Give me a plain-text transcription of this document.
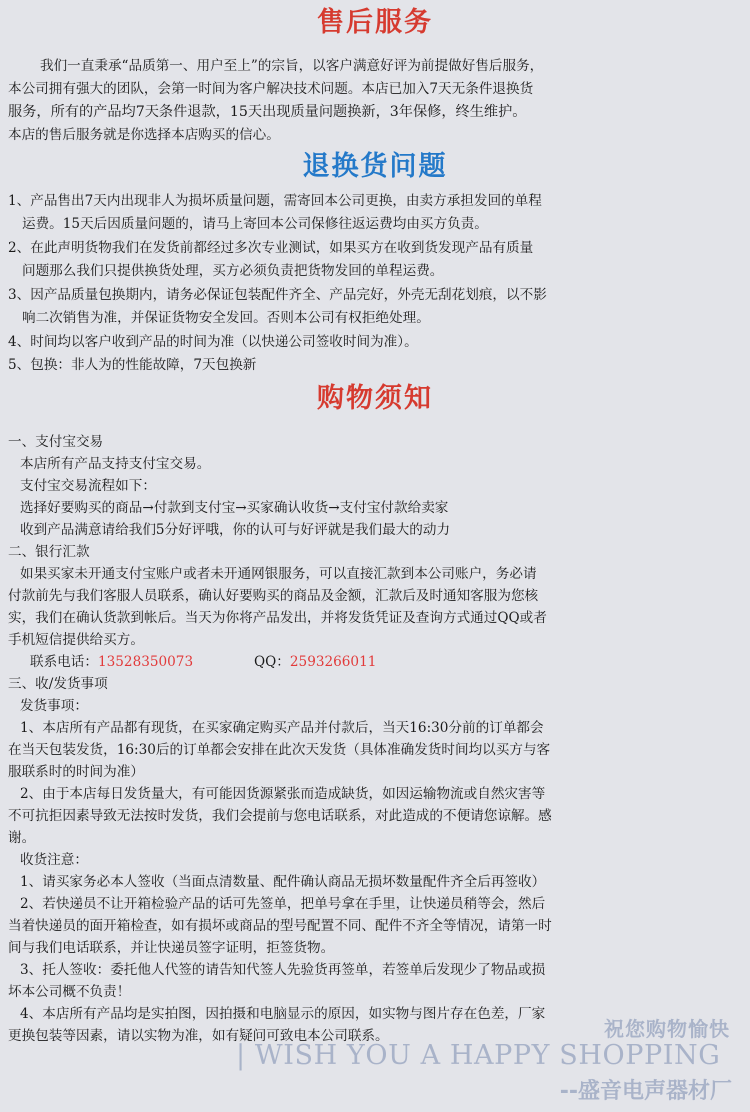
售后服务
我们一直秉承“品质第一、用户至上”的宗旨，以客户满意好评为前提做好售后服务，
本公司拥有强大的团队，会第一时间为客户解决技术问题。本店已加入7天无条件退换货
服务，所有的产品均7天条件退款，15天出现质量问题换新，3年保修，终生维护。
本店的售后服务就是你选择本店购买的信心。
退换货问题
1、产品售出7天内出现非人为损坏质量问题，需寄回本公司更换，由卖方承担发回的单程
运费。15天后因质量问题的，请马上寄回本公司保修往返运费均由买方负责。
2、在此声明货物我们在发货前都经过多次专业测试，如果买方在收到货发现产品有质量
问题那么我们只提供换货处理，买方必须负责把货物发回的单程运费。
3、因产品质量包换期内，请务必保证包装配件齐全、产品完好，外壳无刮花划痕，以不影
响二次销售为准，并保证货物安全发回。否则本公司有权拒绝处理。
4、时间均以客户收到产品的时间为准（以快递公司签收时间为准）。
5、包换：非人为的性能故障，7天包换新
购物须知
一、支付宝交易
本店所有产品支持支付宝交易。
支付宝交易流程如下：
选择好要购买的商品→付款到支付宝→买家确认收货→支付宝付款给卖家
收到产品满意请给我们5分好评哦，你的认可与好评就是我们最大的动力
二、银行汇款
如果买家未开通支付宝账户或者未开通网银服务，可以直接汇款到本公司账户，务必请
付款前先与我们客服人员联系，确认好要购买的商品及金额，汇款后及时通知客服为您核
实，我们在确认货款到帐后。当天为你将产品发出，并将发货凭证及查询方式通过QQ或者
手机短信提供给买方。
联系电话：13528350073	QQ：2593266011
三、收/发货事项
发货事项：
1、本店所有产品都有现货，在买家确定购买产品并付款后，当天16:30分前的订单都会
在当天包装发货，16:30后的订单都会安排在此次天发货（具体准确发货时间均以买方与客
服联系时的时间为准）
2、由于本店每日发货量大，有可能因货源紧张而造成缺货，如因运输物流或自然灾害等
不可抗拒因素导致无法按时发货，我们会提前与您电话联系，对此造成的不便请您谅解。感
谢。
收货注意：
1、请买家务必本人签收（当面点清数量、配件确认商品无损坏数量配件齐全后再签收）
2、若快递员不让开箱检验产品的话可先签单，把单号拿在手里，让快递员稍等会，然后
当着快递员的面开箱检查，如有损坏或商品的型号配置不同、配件不齐全等情况，请第一时
间与我们电话联系，并让快递员签字证明，拒签货物。
3、托人签收：委托他人代签的请告知代签人先验货再签单，若签单后发现少了物品或损
坏本公司概不负责！
4、本店所有产品均是实拍图，因拍摄和电脑显示的原因，如实物与图片存在色差，厂家
更换包装等因素，请以实物为准，如有疑问可致电本公司联系。	祝您购物愉快
| WISH YOU A HAPPY SHOPPING
--盛音电声器材厂
